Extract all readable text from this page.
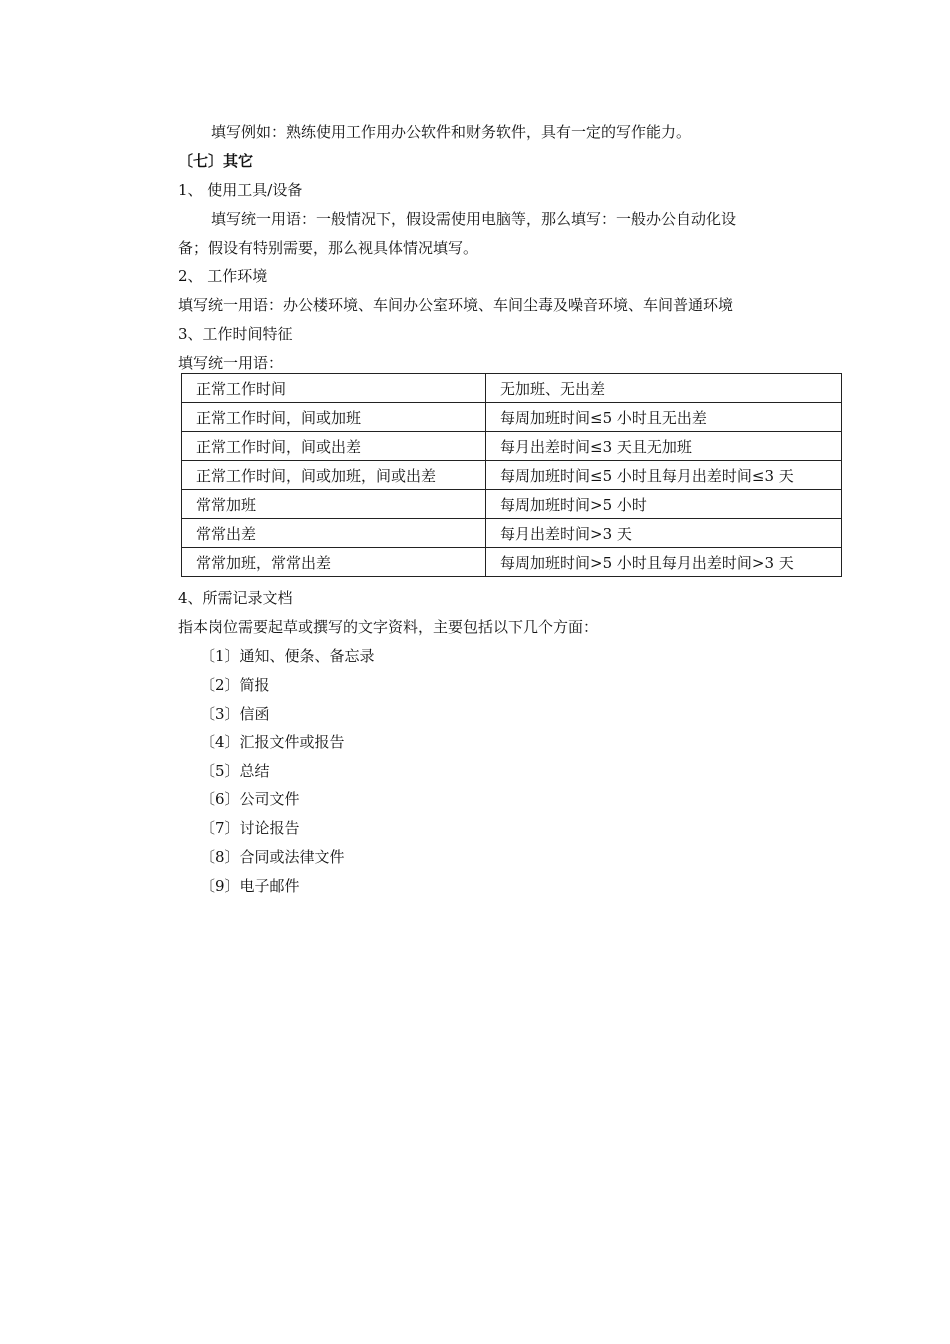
填写例如：熟练使用工作用办公软件和财务软件，具有一定的写作能力。
〔七〕其它
1、 使用工具/设备
填写统一用语：一般情况下，假设需使用电脑等，那么填写：一般办公自动化设
备；假设有特别需要，那么视具体情况填写。
2、 工作环境
填写统一用语：办公楼环境、车间办公室环境、车间尘毒及噪音环境、车间普通环境
3、工作时间特征
填写统一用语：
正常工作时间	无加班、无出差
正常工作时间，间或加班	每周加班时间≤5 小时且无出差
正常工作时间，间或出差	每月出差时间≤3 天且无加班
正常工作时间，间或加班，间或出差	每周加班时间≤5 小时且每月出差时间≤3 天
常常加班	每周加班时间>5 小时
常常出差	每月出差时间>3 天
常常加班，常常出差	每周加班时间>5 小时且每月出差时间>3 天
4、所需记录文档
指本岗位需要起草或撰写的文字资料，主要包括以下几个方面：
〔1〕通知、便条、备忘录
〔2〕简报
〔3〕信函
〔4〕汇报文件或报告
〔5〕总结
〔6〕公司文件
〔7〕讨论报告
〔8〕合同或法律文件
〔9〕电子邮件
